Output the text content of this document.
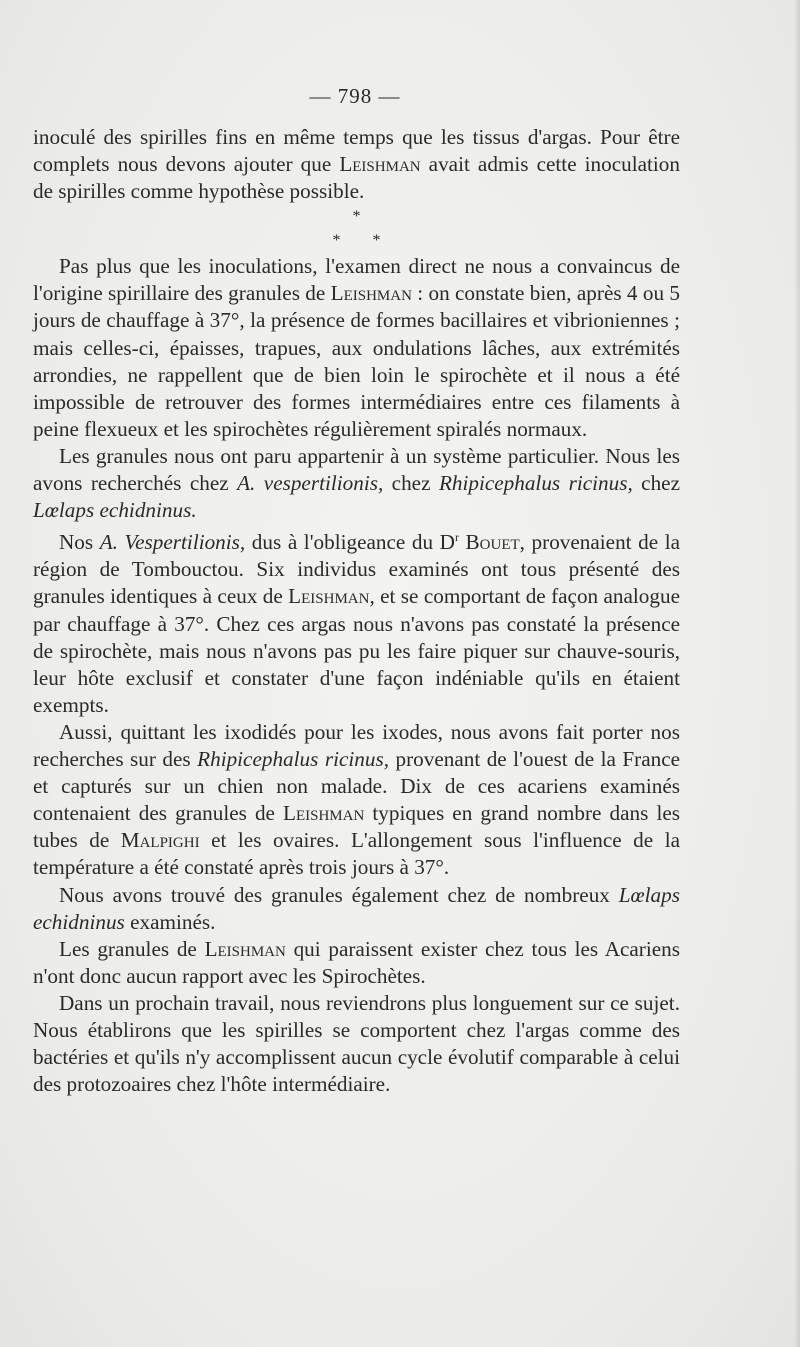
— 798 —

inoculé des spirilles fins en même temps que les tissus d'argas. Pour être complets nous devons ajouter que Leishman avait admis cette inoculation de spirilles comme hypothèse possible.

*
* *

Pas plus que les inoculations, l'examen direct ne nous a convaincus de l'origine spirillaire des granules de Leishman : on constate bien, après 4 ou 5 jours de chauffage à 37°, la présence de formes bacillaires et vibrioniennes ; mais celles-ci, épaisses, trapues, aux ondulations lâches, aux extrémités arrondies, ne rappellent que de bien loin le spirochète et il nous a été impossible de retrouver des formes intermédiaires entre ces filaments à peine flexueux et les spirochètes régulièrement spiralés normaux.

Les granules nous ont paru appartenir à un système particulier. Nous les avons recherchés chez A. vespertilionis, chez Rhipicephalus ricinus, chez Lœlaps echidninus.

Nos A. Vespertilionis, dus à l'obligeance du $D^r$ Bouet, provenaient de la région de Tombouctou. Six individus examinés ont tous présenté des granules identiques à ceux de Leishman, et se comportant de façon analogue par chauffage à 37°. Chez ces argas nous n'avons pas constaté la présence de spirochète, mais nous n'avons pas pu les faire piquer sur chauve-souris, leur hôte exclusif et constater d'une façon indéniable qu'ils en étaient exempts.

Aussi, quittant les ixodidés pour les ixodes, nous avons fait porter nos recherches sur des Rhipicephalus ricinus, provenant de l'ouest de la France et capturés sur un chien non malade. Dix de ces acariens examinés contenaient des granules de Leishman typiques en grand nombre dans les tubes de Malpighi et les ovaires. L'allongement sous l'influence de la température a été constaté après trois jours à 37°.

Nous avons trouvé des granules également chez de nombreux Lœlaps echidninus examinés.

Les granules de Leishman qui paraissent exister chez tous les Acariens n'ont donc aucun rapport avec les Spirochètes.

Dans un prochain travail, nous reviendrons plus longuement sur ce sujet. Nous établirons que les spirilles se comportent chez l'argas comme des bactéries et qu'ils n'y accomplissent aucun cycle évolutif comparable à celui des protozoaires chez l'hôte intermédiaire.
